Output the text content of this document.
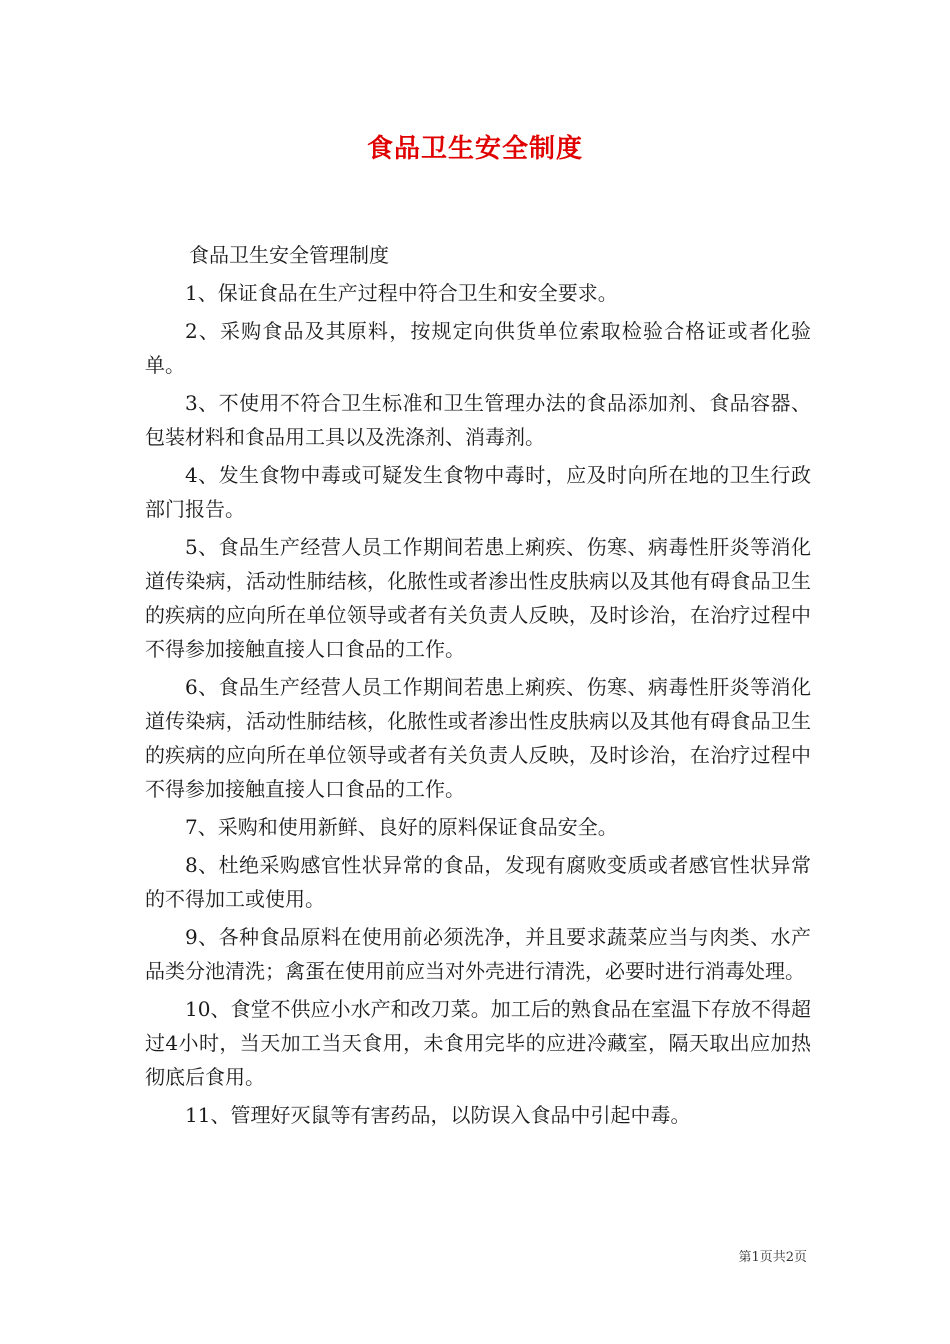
食品卫生安全制度

食品卫生安全管理制度

1、保证食品在生产过程中符合卫生和安全要求。

2、采购食品及其原料，按规定向供货单位索取检验合格证或者化验单。

3、不使用不符合卫生标准和卫生管理办法的食品添加剂、食品容器、包装材料和食品用工具以及洗涤剂、消毒剂。

4、发生食物中毒或可疑发生食物中毒时，应及时向所在地的卫生行政部门报告。

5、食品生产经营人员工作期间若患上痢疾、伤寒、病毒性肝炎等消化道传染病，活动性肺结核，化脓性或者渗出性皮肤病以及其他有碍食品卫生的疾病的应向所在单位领导或者有关负责人反映，及时诊治，在治疗过程中不得参加接触直接人口食品的工作。

6、食品生产经营人员工作期间若患上痢疾、伤寒、病毒性肝炎等消化道传染病，活动性肺结核，化脓性或者渗出性皮肤病以及其他有碍食品卫生的疾病的应向所在单位领导或者有关负责人反映，及时诊治，在治疗过程中不得参加接触直接人口食品的工作。

7、采购和使用新鲜、良好的原料保证食品安全。

8、杜绝采购感官性状异常的食品，发现有腐败变质或者感官性状异常的不得加工或使用。

9、各种食品原料在使用前必须洗净，并且要求蔬菜应当与肉类、水产品类分池清洗；禽蛋在使用前应当对外壳进行清洗，必要时进行消毒处理。

10、食堂不供应小水产和改刀菜。加工后的熟食品在室温下存放不得超过4小时，当天加工当天食用，未食用完毕的应进冷藏室，隔天取出应加热彻底后食用。

11、管理好灭鼠等有害药品，以防误入食品中引起中毒。

第1页共2页
